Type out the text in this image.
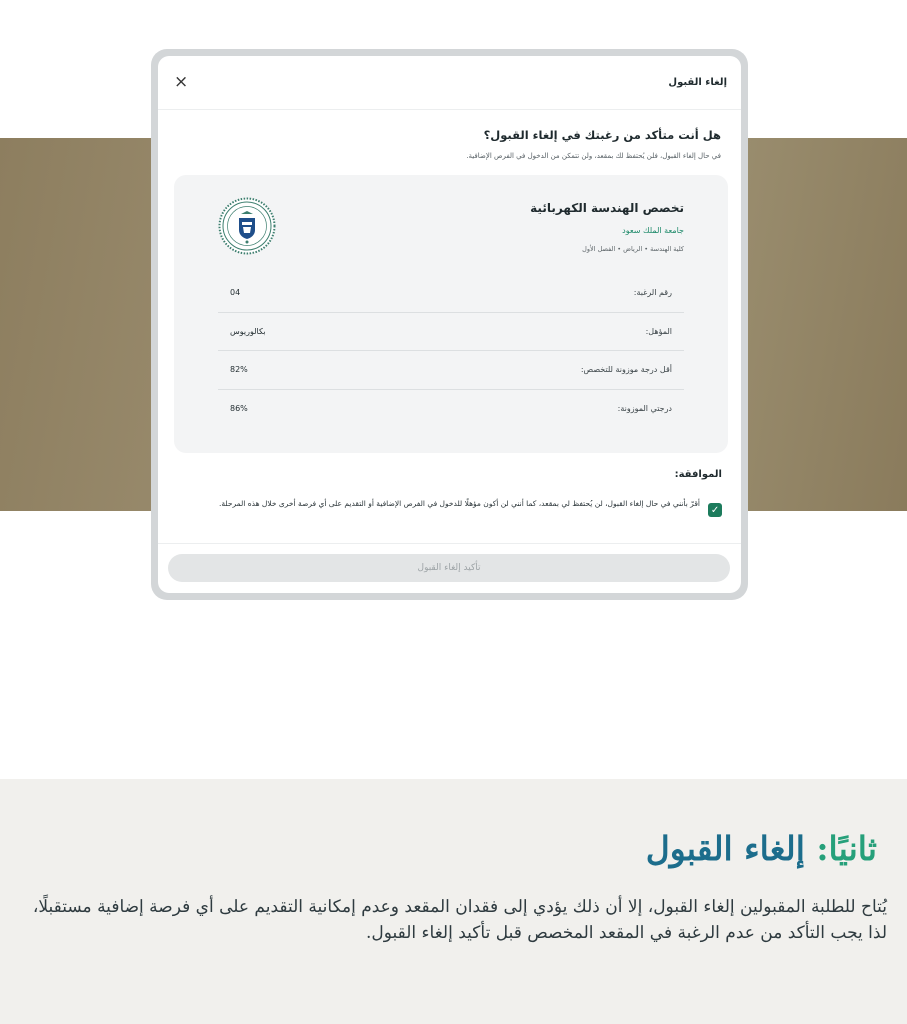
إلغاء القبول
×
هل أنت متأكد من رغبتك في إلغاء القبول؟
في حال إلغاء القبول، فلن يُحتفظ لك بمقعد، ولن تتمكن من الدخول في الفرص الإضافية.
تخصص الهندسة الكهربائية
جامعة الملك سعود
كلية الهندسة • الرياض • الفصل الأول
رقم الرغبة:
04
المؤهل:
بكالوريوس
أقل درجة موزونة للتخصص:
82%
درجتي الموزونة:
86%
الموافقة:
✓
أقرّ بأنني في حال إلغاء القبول، لن يُحتفظ لي بمقعد، كما أنني لن أكون مؤهلًا للدخول في الفرص الإضافية أو التقديم على أي فرصة أخرى خلال هذه المرحلة.
تأكيد إلغاء القبول
ثانيًا: إلغاء القبول

يُتاح للطلبة المقبولين إلغاء القبول، إلا أن ذلك يؤدي إلى فقدان المقعد وعدم إمكانية التقديم على أي فرصة إضافية مستقبلًا، لذا يجب التأكد من عدم الرغبة في المقعد المخصص قبل تأكيد إلغاء القبول.
